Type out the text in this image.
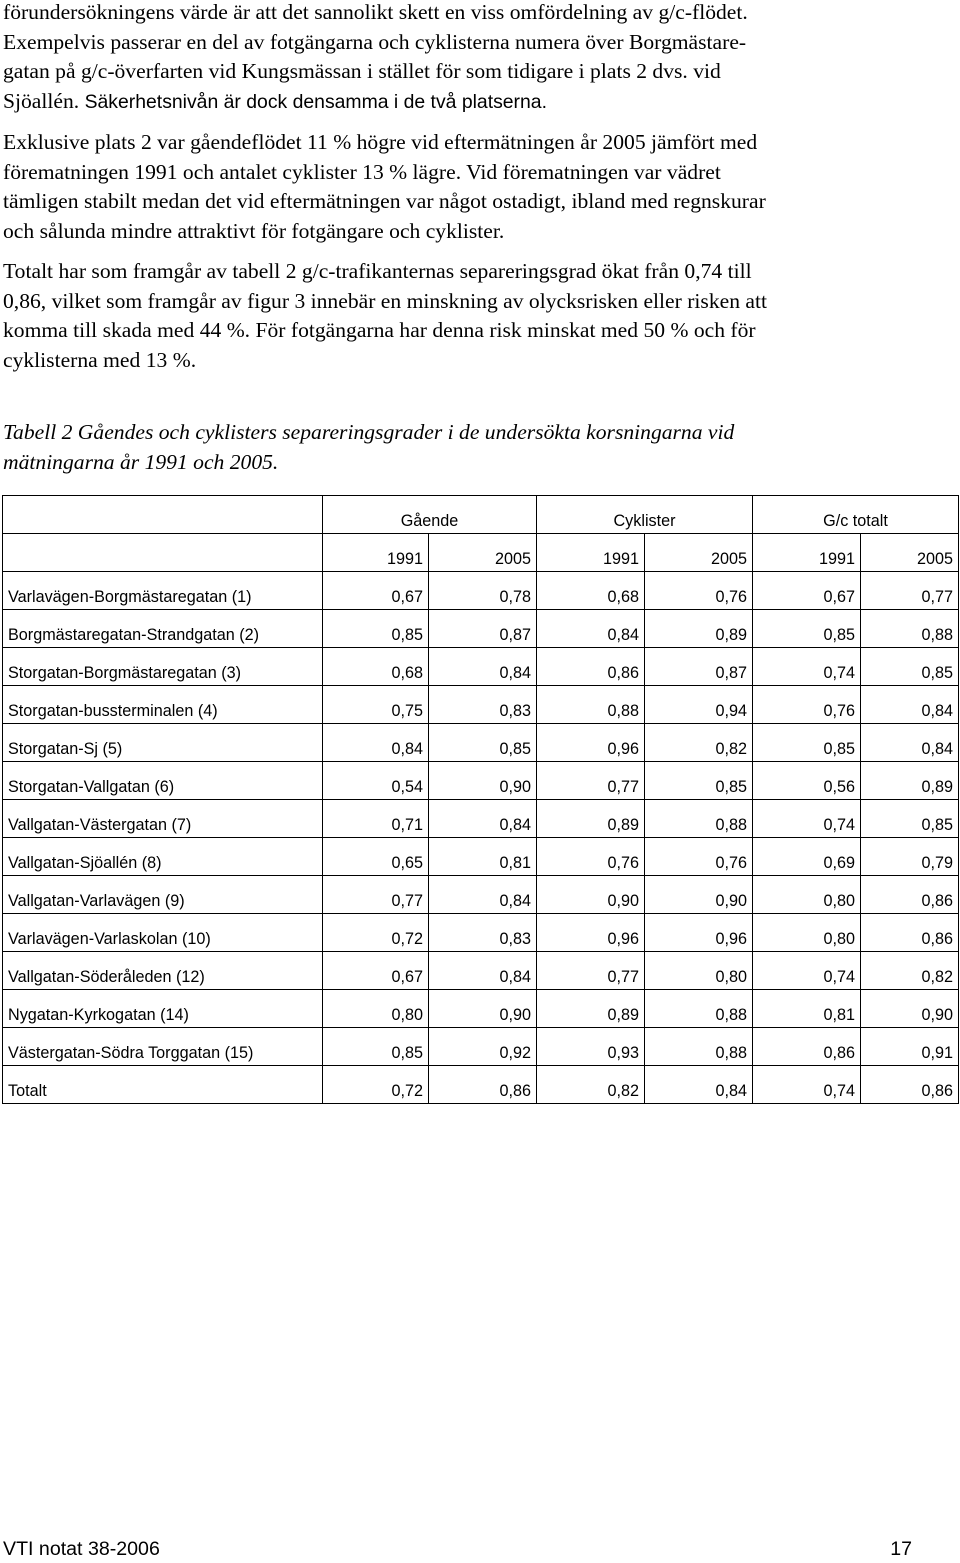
förundersökningens värde är att det sannolikt skett en viss omfördelning av g/c-flödet.
Exempelvis passerar en del av fotgängarna och cyklisterna numera över Borgmästare-
gatan på g/c-överfarten vid Kungsmässan i stället för som tidigare i plats 2 dvs. vid
Sjöallén. Säkerhetsnivån är dock densamma i de två platserna.
Exklusive plats 2 var gåendeflödet 11 % högre vid eftermätningen år 2005 jämfört med
förematningen 1991 och antalet cyklister 13 % lägre. Vid förematningen var vädret
tämligen stabilt medan det vid eftermätningen var något ostadigt, ibland med regnskurar
och sålunda mindre attraktivt för fotgängare och cyklister.
Totalt har som framgår av tabell 2 g/c-trafikanternas separeringsgrad ökat från 0,74 till
0,86, vilket som framgår av figur 3 innebär en minskning av olycksrisken eller risken att
komma till skada med 44 %. För fotgängarna har denna risk minskat med 50 % och för
cyklisterna med 13 %.
Tabell 2 Gåendes och cyklisters separeringsgrader i de undersökta korsningarna vid
mätningarna år 1991 och 2005.
	Gående		Cyklister		G/c totalt	
	1991	2005	1991	2005	1991	2005
Varlavägen-Borgmästaregatan (1)	0,67	0,78	0,68	0,76	0,67	0,77
Borgmästaregatan-Strandgatan (2)	0,85	0,87	0,84	0,89	0,85	0,88
Storgatan-Borgmästaregatan (3)	0,68	0,84	0,86	0,87	0,74	0,85
Storgatan-bussterminalen (4)	0,75	0,83	0,88	0,94	0,76	0,84
Storgatan-Sj (5)	0,84	0,85	0,96	0,82	0,85	0,84
Storgatan-Vallgatan (6)	0,54	0,90	0,77	0,85	0,56	0,89
Vallgatan-Västergatan (7)	0,71	0,84	0,89	0,88	0,74	0,85
Vallgatan-Sjöallén (8)	0,65	0,81	0,76	0,76	0,69	0,79
Vallgatan-Varlavägen (9)	0,77	0,84	0,90	0,90	0,80	0,86
Varlavägen-Varlaskolan (10)	0,72	0,83	0,96	0,96	0,80	0,86
Vallgatan-Söderåleden (12)	0,67	0,84	0,77	0,80	0,74	0,82
Nygatan-Kyrkogatan (14)	0,80	0,90	0,89	0,88	0,81	0,90
Västergatan-Södra Torggatan (15)	0,85	0,92	0,93	0,88	0,86	0,91
Totalt	0,72	0,86	0,82	0,84	0,74	0,86
VTI notat 38-2006	17
